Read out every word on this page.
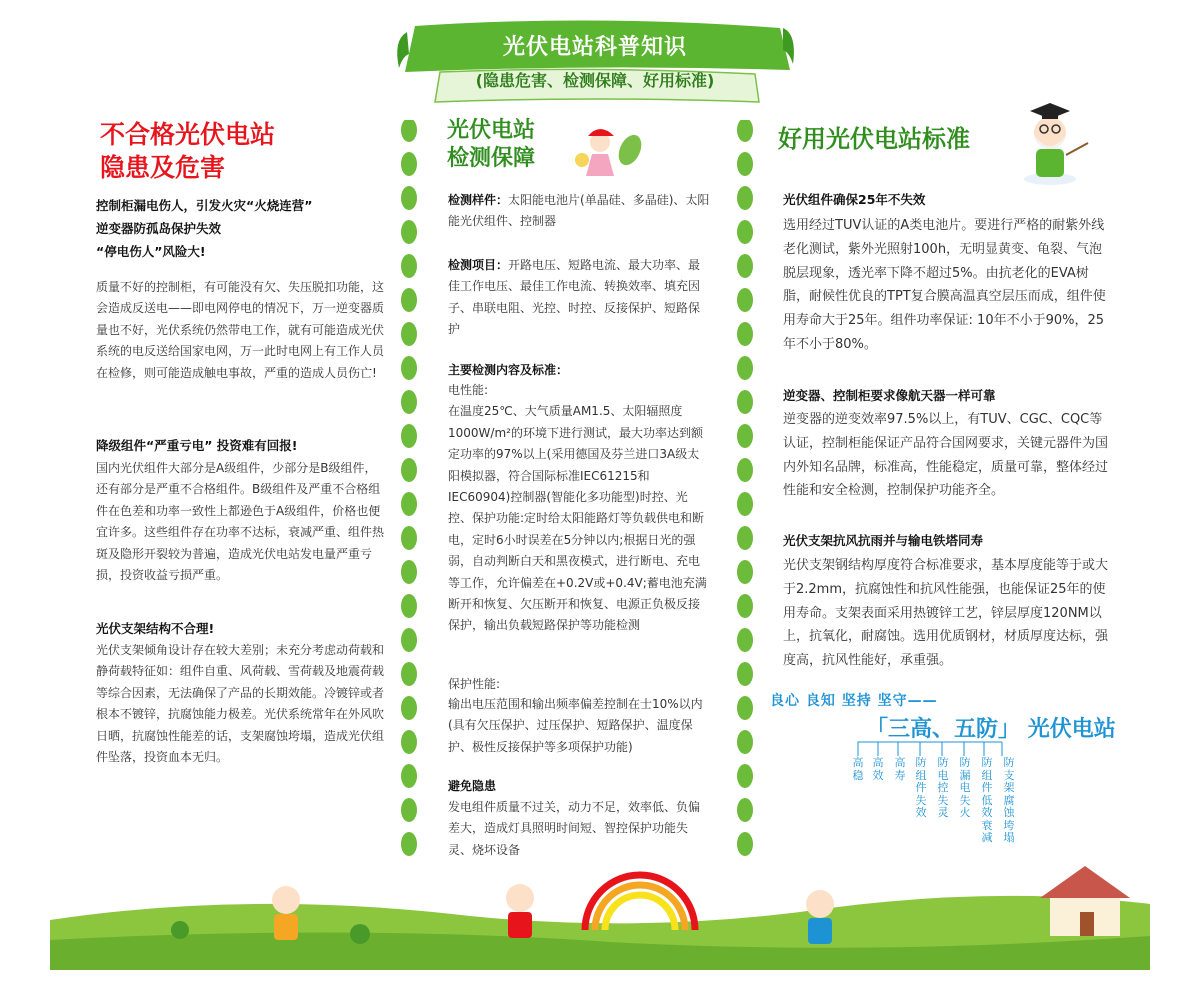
光伏电站科普知识
(隐患危害、检测保障、好用标准)
不合格光伏电站
隐患及危害
控制柜漏电伤人，引发火灾“火烧连营”
逆变器防孤岛保护失效
“停电伤人”风险大!
质量不好的控制柜，有可能没有欠、失压脱扣功能，这会造成反送电——即电网停电的情况下，万一逆变器质量也不好，光伏系统仍然带电工作，就有可能造成光伏系统的电反送给国家电网，万一此时电网上有工作人员在检修，则可能造成触电事故，严重的造成人员伤亡!
降级组件“严重亏电” 投资难有回报!
国内光伏组件大部分是A级组件，少部分是B级组件，还有部分是严重不合格组件。B级组件及严重不合格组件在色差和功率一致性上都逊色于A级组件，价格也便宜许多。这些组件存在功率不达标，衰减严重、组件热斑及隐形开裂较为普遍，造成光伏电站发电量严重亏损，投资收益亏损严重。
光伏支架结构不合理!
光伏支架倾角设计存在较大差别；未充分考虑动荷载和静荷载特征如：组件自重、风荷载、雪荷载及地震荷载等综合因素，无法确保了产品的长期效能。冷镀锌或者根本不镀锌，抗腐蚀能力极差。光伏系统常年在外风吹日晒，抗腐蚀性能差的话，支架腐蚀垮塌，造成光伏组件坠落，投资血本无归。
光伏电站
检测保障
检测样件：太阳能电池片(单晶硅、多晶硅)、太阳能光伏组件、控制器
检测项目：开路电压、短路电流、最大功率、最佳工作电压、最佳工作电流、转换效率、填充因子、串联电阻、光控、时控、反接保护、短路保护
主要检测内容及标准：
电性能:
在温度25℃、大气质量AM1.5、太阳辐照度1000W/m²的环境下进行测试，最大功率达到额定功率的97%以上(采用德国及芬兰进口3A级太阳模拟器，符合国际标准IEC61215和IEC60904)控制器(智能化多功能型)时控、光控、保护功能:定时给太阳能路灯等负载供电和断电，定时6小时误差在5分钟以内;根据日光的强弱，自动判断白天和黑夜模式，进行断电、充电等工作，允许偏差在+0.2V或+0.4V;蓄电池充满断开和恢复、欠压断开和恢复、电源正负极反接保护，输出负载短路保护等功能检测
保护性能:
输出电压范围和输出频率偏差控制在士10%以内(具有欠压保护、过压保护、短路保护、温度保护、极性反接保护等多项保护功能)
避免隐患
发电组件质量不过关，动力不足，效率低、负偏差大，造成灯具照明时间短、智控保护功能失灵、烧坏设备
好用光伏电站标准
光伏组件确保25年不失效
选用经过TUV认证的A类电池片。要进行严格的耐紫外线老化测试，紫外光照射100h，无明显黄变、龟裂、气泡脱层现象，透光率下降不超过5%。由抗老化的EVA树脂，耐候性优良的TPT复合膜高温真空层压而成，组件使用寿命大于25年。组件功率保证: 10年不小于90%，25年不小于80%。
逆变器、控制柜要求像航天器一样可靠
逆变器的逆变效率97.5%以上，有TUV、CGC、CQC等认证，控制柜能保证产品符合国网要求，关键元器件为国内外知名品牌，标准高，性能稳定，质量可靠，整体经过性能和安全检测，控制保护功能齐全。
光伏支架抗风抗雨并与输电铁塔同寿
光伏支架钢结构厚度符合标准要求，基本厚度能等于或大于2.2mm，抗腐蚀性和抗风性能强，也能保证25年的使用寿命。支架表面采用热镀锌工艺，锌层厚度120NM以上，抗氧化，耐腐蚀。选用优质钢材，材质厚度达标，强度高，抗风性能好，承重强。
良心 良知 坚持 坚守——
「三高、五防」 光伏电站
高稳
高效
高寿
防组件失效
防电控失灵
防漏电失火
防组件低效衰减
防支架腐蚀垮塌
